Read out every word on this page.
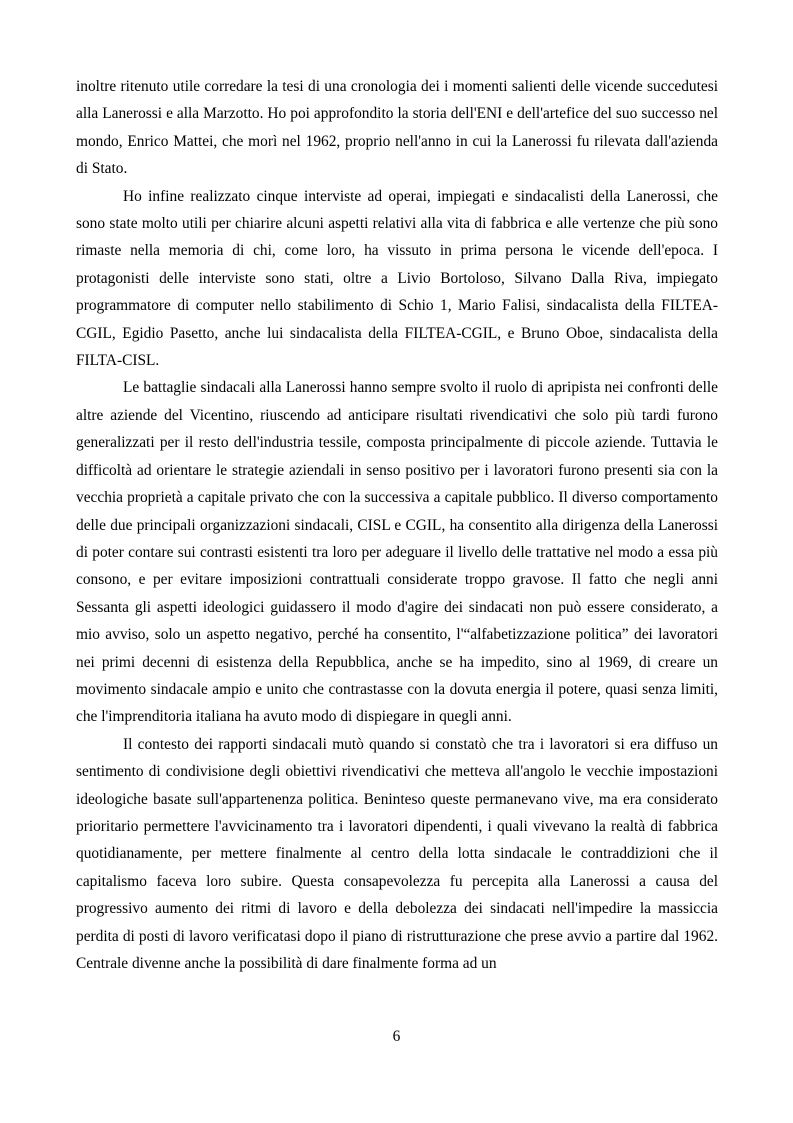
inoltre ritenuto utile corredare la tesi di una cronologia dei i momenti salienti delle vicende succedutesi alla Lanerossi e alla Marzotto. Ho poi approfondito la storia dell'ENI e dell'artefice del suo successo nel mondo, Enrico Mattei, che morì nel 1962, proprio nell'anno in cui la Lanerossi fu rilevata dall'azienda di Stato.

Ho infine realizzato cinque interviste ad operai, impiegati e sindacalisti della Lanerossi, che sono state molto utili per chiarire alcuni aspetti relativi alla vita di fabbrica e alle vertenze che più sono rimaste nella memoria di chi, come loro, ha vissuto in prima persona le vicende dell'epoca. I protagonisti delle interviste sono stati, oltre a Livio Bortoloso, Silvano Dalla Riva, impiegato programmatore di computer nello stabilimento di Schio 1, Mario Falisi, sindacalista della FILTEA-CGIL, Egidio Pasetto, anche lui sindacalista della FILTEA-CGIL, e Bruno Oboe, sindacalista della FILTA-CISL.

Le battaglie sindacali alla Lanerossi hanno sempre svolto il ruolo di apripista nei confronti delle altre aziende del Vicentino, riuscendo ad anticipare risultati rivendicativi che solo più tardi furono generalizzati per il resto dell'industria tessile, composta principalmente di piccole aziende. Tuttavia le difficoltà ad orientare le strategie aziendali in senso positivo per i lavoratori furono presenti sia con la vecchia proprietà a capitale privato che con la successiva a capitale pubblico. Il diverso comportamento delle due principali organizzazioni sindacali, CISL e CGIL, ha consentito alla dirigenza della Lanerossi di poter contare sui contrasti esistenti tra loro per adeguare il livello delle trattative nel modo a essa più consono, e per evitare imposizioni contrattuali considerate troppo gravose. Il fatto che negli anni Sessanta gli aspetti ideologici guidassero il modo d'agire dei sindacati non può essere considerato, a mio avviso, solo un aspetto negativo, perché ha consentito, l'“alfabetizzazione politica” dei lavoratori nei primi decenni di esistenza della Repubblica, anche se ha impedito, sino al 1969, di creare un movimento sindacale ampio e unito che contrastasse con la dovuta energia il potere, quasi senza limiti, che l'imprenditoria italiana ha avuto modo di dispiegare in quegli anni.

Il contesto dei rapporti sindacali mutò quando si constatò che tra i lavoratori si era diffuso un sentimento di condivisione degli obiettivi rivendicativi che metteva all'angolo le vecchie impostazioni ideologiche basate sull'appartenenza politica. Beninteso queste permanevano vive, ma era considerato prioritario permettere l'avvicinamento tra i lavoratori dipendenti, i quali vivevano la realtà di fabbrica quotidianamente, per mettere finalmente al centro della lotta sindacale le contraddizioni che il capitalismo faceva loro subire. Questa consapevolezza fu percepita alla Lanerossi a causa del progressivo aumento dei ritmi di lavoro e della debolezza dei sindacati nell'impedire la massiccia perdita di posti di lavoro verificatasi dopo il piano di ristrutturazione che prese avvio a partire dal 1962. Centrale divenne anche la possibilità di dare finalmente forma ad un

6
